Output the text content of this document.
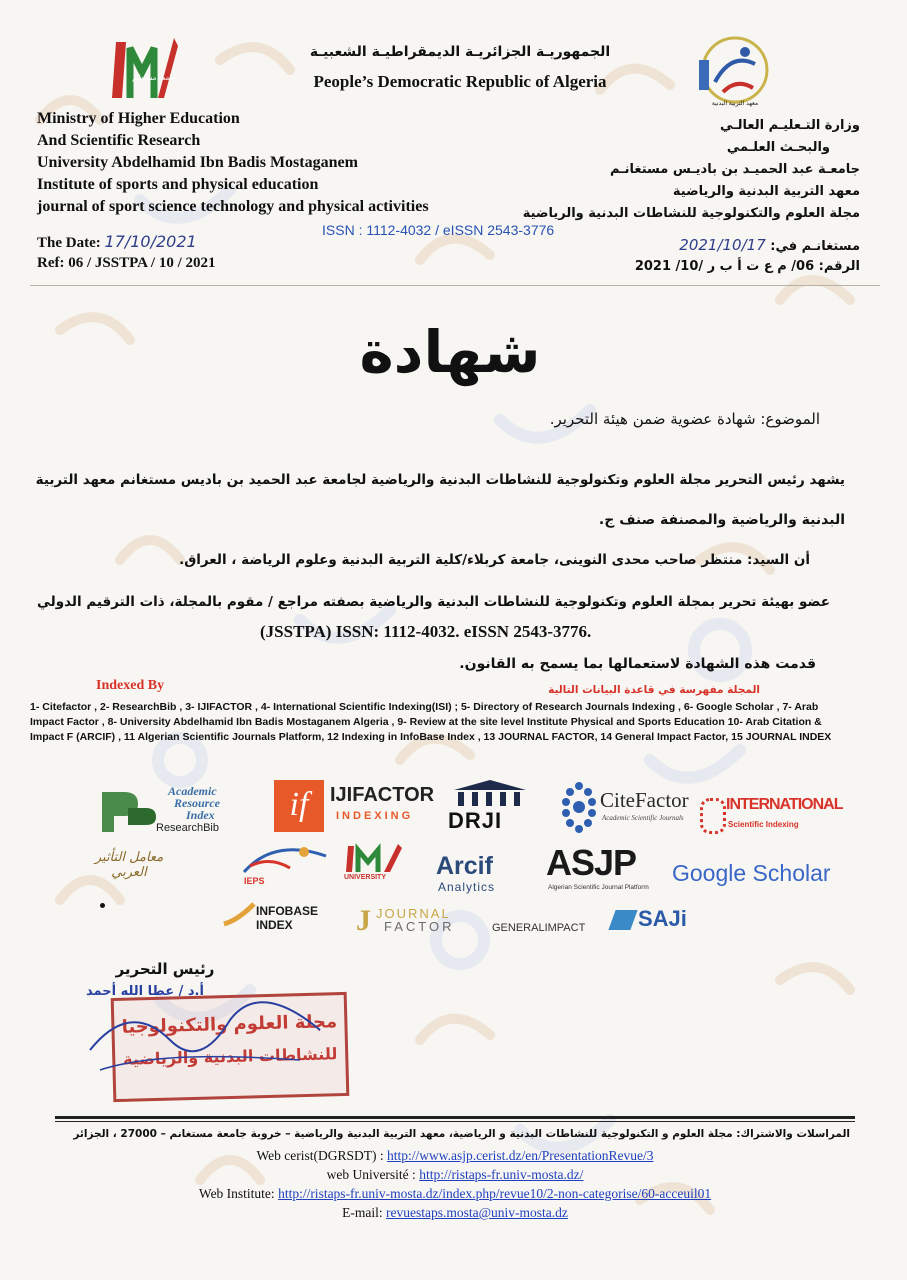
جامعة مستغانم
معهد التربية البدنية
الجمهوريـة الجزائريـة الديمقراطيـة الشعبيـة
People’s Democratic Republic of Algeria
Ministry of Higher Education
And Scientific Research
University Abdelhamid Ibn Badis Mostaganem
Institute of sports and physical education
journal of sport science technology and physical activities
وزارة التـعليـم العالـي
والبحـث العلـمي
جامعـة عبد الحميـد بن باديـس مستغانـم
معهد التربية البدنية والرياضية
مجلة العلوم والتكنولوجية للنشاطات البدنية والرياضية
ISSN : 1112-4032 / eISSN 2543-3776
The Date: 17/10/2021
Ref: 06 / JSSTPA / 10 / 2021
مستغانـم في: 2021/10/17
الرقم: 06/ م ع ت أ ب ر /10/ 2021
شهادة
الموضوع: شهادة عضوية ضمن هيئة التحرير.
يشهد رئيس التحرير مجلة العلوم وتكنولوجية للنشاطات البدنية والرياضية لجامعة عبد الحميد بن باديس مستغانم معهد التربية
البدنية والرياضية والمصنفة صنف ج.
أن السيد: منتظر صاحب محدى النوينى، جامعة كربلاء/كلية التربية البدنية وعلوم الرياضة ، العراق.
عضو بهيئة تحرير بمجلة العلوم وتكنولوجية للنشاطات البدنية والرياضية بصفته مراجع / مقوم بالمجلة، ذات الترقيم الدولي
(JSSTPA) ISSN: 1112-4032. eISSN 2543-3776.
قدمت هذه الشهادة لاستعمالها بما يسمح به القانون.
Indexed By	المجلة مفهرسة في قاعدة البيانات التالية
1- Citefactor , 2- ResearchBib , 3- IJIFACTOR , 4- International Scientific Indexing(ISI) ; 5- Directory of Research Journals Indexing , 6- Google Scholar , 7- Arab Impact Factor , 8- University Abdelhamid Ibn Badis Mostaganem Algeria , 9- Review at the site level Institute Physical and Sports Education 10- Arab Citation & Impact F (ARCIF) , 11 Algerian Scientific Journals Platform, 12 Indexing in InfoBase Index , 13 JOURNAL FACTOR, 14 General Impact Factor, 15 JOURNAL INDEX
Academic
Resource
Index
ResearchBib
if	IJIFACTOR
INDEXING DRJI
CiteFactor
Academic Scientific Journals
INTERNATIONAL
Scientific Indexing
معامل التأثير العربي
IEPS	UNIVERSITY Arcif
Analytics
ASJP
Algerian Scientific Journal Platform
Google Scholar
INFOBASE INDEX	J JOURNAL
FACTOR	GENERALIMPACT SAJi
رئيس التحرير
أ.د / عطا الله أحمد
مجلة العلوم والتكنولوجيا
للنشاطات البدنية والرياضية
المراسلات والاشتراك: مجلة العلوم و التكنولوجية للنشاطات البدنية و الرياضية، معهد التربية البدنية والرياضية – خروبة جامعة مستغانم – 27000 ، الجزائر
Web cerist(DGRSDT) : http://www.asjp.cerist.dz/en/PresentationRevue/3
web Université : http://ristaps-fr.univ-mosta.dz/
Web Institute: http://ristaps-fr.univ-mosta.dz/index.php/revue10/2-non-categorise/60-acceuil01
E-mail: revuestaps.mosta@univ-mosta.dz
